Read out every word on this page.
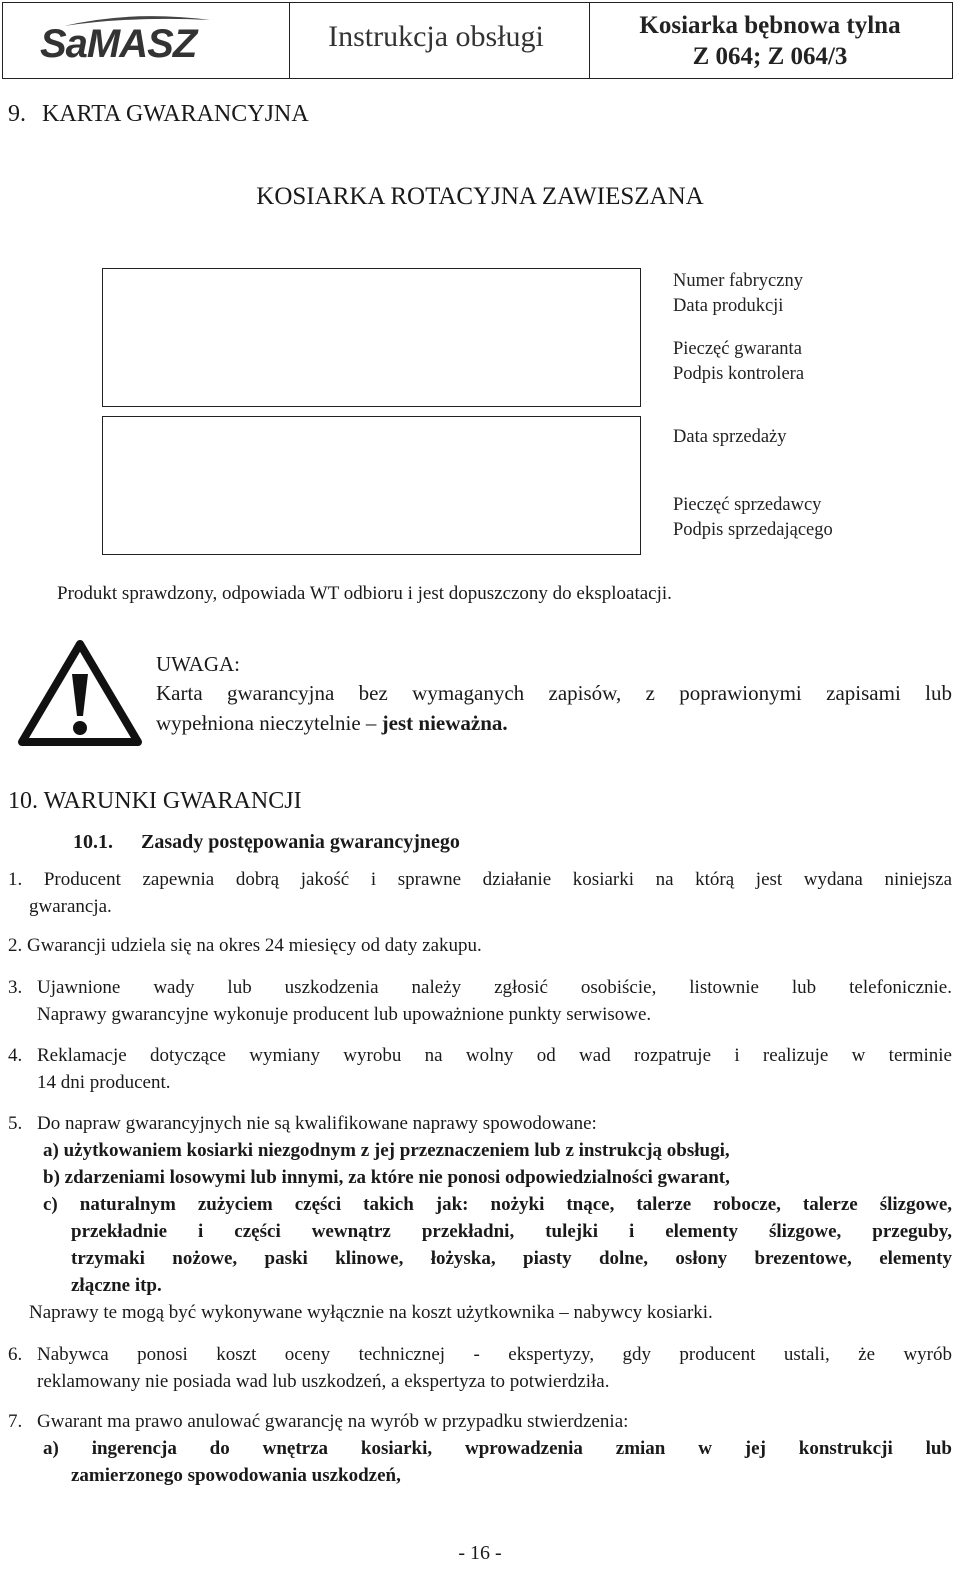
SaMASZ	Instrukcja obsługi	Kosiarka bębnowa tylna
Z 064; Z 064/3
9. KARTA GWARANCYJNA
KOSIARKA ROTACYJNA ZAWIESZANA
Numer fabryczny
Data produkcji
Pieczęć gwaranta
Podpis kontrolera
Data sprzedaży
Pieczęć sprzedawcy
Podpis sprzedającego
Produkt sprawdzony, odpowiada WT odbioru i jest dopuszczony do eksploatacji.
UWAGA:
Karta gwarancyjna bez wymaganych zapisów, z poprawionymi zapisami lub
wypełniona nieczytelnie – jest nieważna.
10. WARUNKI GWARANCJI
10.1. Zasady postępowania gwarancyjnego
1. Producent zapewnia dobrą jakość i sprawne działanie kosiarki na którą jest wydana niniejsza
gwarancja.
2. Gwarancji udziela się na okres 24 miesięcy od daty zakupu.
3. Ujawnione wady lub uszkodzenia należy zgłosić osobiście, listownie lub telefonicznie.
Naprawy gwarancyjne wykonuje producent lub upoważnione punkty serwisowe.
4. Reklamacje dotyczące wymiany wyrobu na wolny od wad rozpatruje i realizuje w terminie
14 dni producent.
5. Do napraw gwarancyjnych nie są kwalifikowane naprawy spowodowane:
a) użytkowaniem kosiarki niezgodnym z jej przeznaczeniem lub z instrukcją obsługi,
b) zdarzeniami losowymi lub innymi, za które nie ponosi odpowiedzialności gwarant,
c) naturalnym zużyciem części takich jak: nożyki tnące, talerze robocze, talerze ślizgowe,
przekładnie i części wewnątrz przekładni, tulejki i elementy ślizgowe, przeguby,
trzymaki nożowe, paski klinowe, łożyska, piasty dolne, osłony brezentowe, elementy
złączne itp.
Naprawy te mogą być wykonywane wyłącznie na koszt użytkownika – nabywcy kosiarki.
6. Nabywca ponosi koszt oceny technicznej - ekspertyzy, gdy producent ustali, że wyrób
reklamowany nie posiada wad lub uszkodzeń, a ekspertyza to potwierdziła.
7. Gwarant ma prawo anulować gwarancję na wyrób w przypadku stwierdzenia:
a) ingerencja do wnętrza kosiarki, wprowadzenia zmian w jej konstrukcji lub
zamierzonego spowodowania uszkodzeń,
- 16 -
